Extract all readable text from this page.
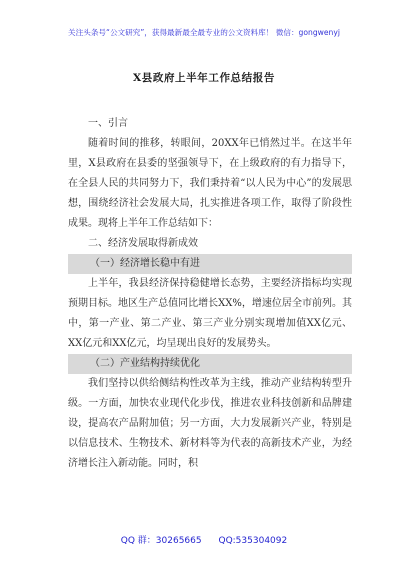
关注头条号“公文研究”，获得最新最全最专业的公文资料库！ 微信：gongwenyj
X县政府上半年工作总结报告

一、引言

随着时间的推移，转眼间，20XX年已悄然过半。在这半年里，X县政府在县委的坚强领导下，在上级政府的有力指导下，在全县人民的共同努力下，我们秉持着“以人民为中心”的发展思想，围绕经济社会发展大局，扎实推进各项工作，取得了阶段性成果。现将上半年工作总结如下：

二、经济发展取得新成效

（一）经济增长稳中有进

上半年，我县经济保持稳健增长态势，主要经济指标均实现预期目标。地区生产总值同比增长XX%，增速位居全市前列。其中，第一产业、第二产业、第三产业分别实现增加值XX亿元、XX亿元和XX亿元，均呈现出良好的发展势头。

（二）产业结构持续优化

我们坚持以供给侧结构性改革为主线，推动产业结构转型升级。一方面，加快农业现代化步伐，推进农业科技创新和品牌建设，提高农产品附加值；另一方面，大力发展新兴产业，特别是以信息技术、生物技术、新材料等为代表的高新技术产业，为经济增长注入新动能。同时，积

QQ 群：30265665 QQ:535304092
